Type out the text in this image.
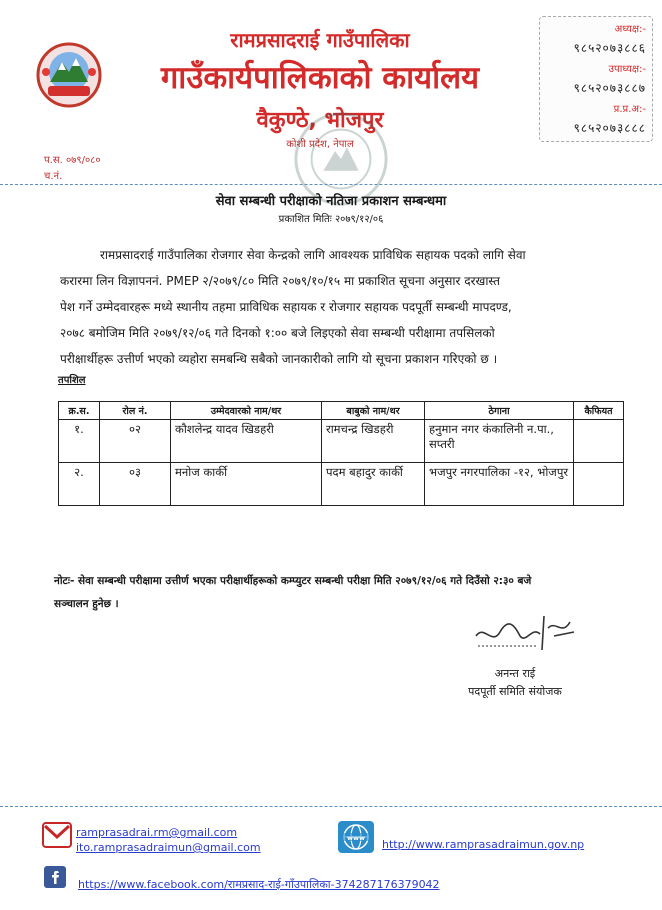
रामप्रसादराई गाउँपालिका
गाउँकार्यपालिकाको कार्यालय
वैकुण्ठे, भोजपुर
कोशी प्रदेश, नेपाल
अध्यक्ष:-
९८५२०७३८८६
उपाध्यक्ष:-
९८५२०७३८८७
प्र.प्र.अ:-
९८५२०७३८८८
प.स. ०७९/०८०
च.नं.
सेवा सम्बन्धी परीक्षाको नतिजा प्रकाशन सम्बन्धमा
प्रकाशित मितिः २०७९/१२/०६
रामप्रसादराई गाउँपालिका रोजगार सेवा केन्द्रको लागि आवश्यक प्राविधिक सहायक पदको लागि सेवा
करारमा लिन विज्ञापननं. PMEP २/२०७९/८० मिति २०७९/१०/१५ मा प्रकाशित सूचना अनुसार दरखास्त
पेश गर्ने उम्मेदवारहरू मध्ये स्थानीय तहमा प्राविधिक सहायक र रोजगार सहायक पदपूर्ती सम्बन्धी मापदण्ड,
२०७८ बमोजिम मिति २०७९/१२/०६ गते दिनको १:०० बजे लिइएको सेवा सम्बन्धी परीक्षामा तपसिलको
परीक्षार्थीहरू उत्तीर्ण भएको व्यहोरा समबन्धि सबैको जानकारीको लागि यो सूचना प्रकाशन गरिएको छ ।
तपशिल
क्र.स.	रोल नं.	उम्मेदवारको नाम/थर	बाबुको नाम/थर	ठेगाना	कैफियत
१.	०२	कौशलेन्द्र यादव खिडहरी	रामचन्द्र खिडहरी	हनुमान नगर कंकालिनी न.पा., सप्तरी	
२.	०३	मनोज कार्की	पदम बहादुर कार्की	भजपुर नगरपालिका -१२, भोजपुर	
नोटः- सेवा सम्बन्धी परीक्षामा उत्तीर्ण भएका परीक्षार्थीहरूको कम्प्युटर सम्बन्धी परीक्षा मिति २०७९/१२/०६ गते दिउँसो २:३० बजे
सञ्चालन हुनेछ ।
अनन्त राई
पदपूर्ती समिति संयोजक
ramprasadrai.rm@gmail.com
ito.ramprasadraimun@gmail.com
www http://www.ramprasadraimun.gov.np
https://www.facebook.com/रामप्रसाद-राई-गाँउपालिका-374287176379042
